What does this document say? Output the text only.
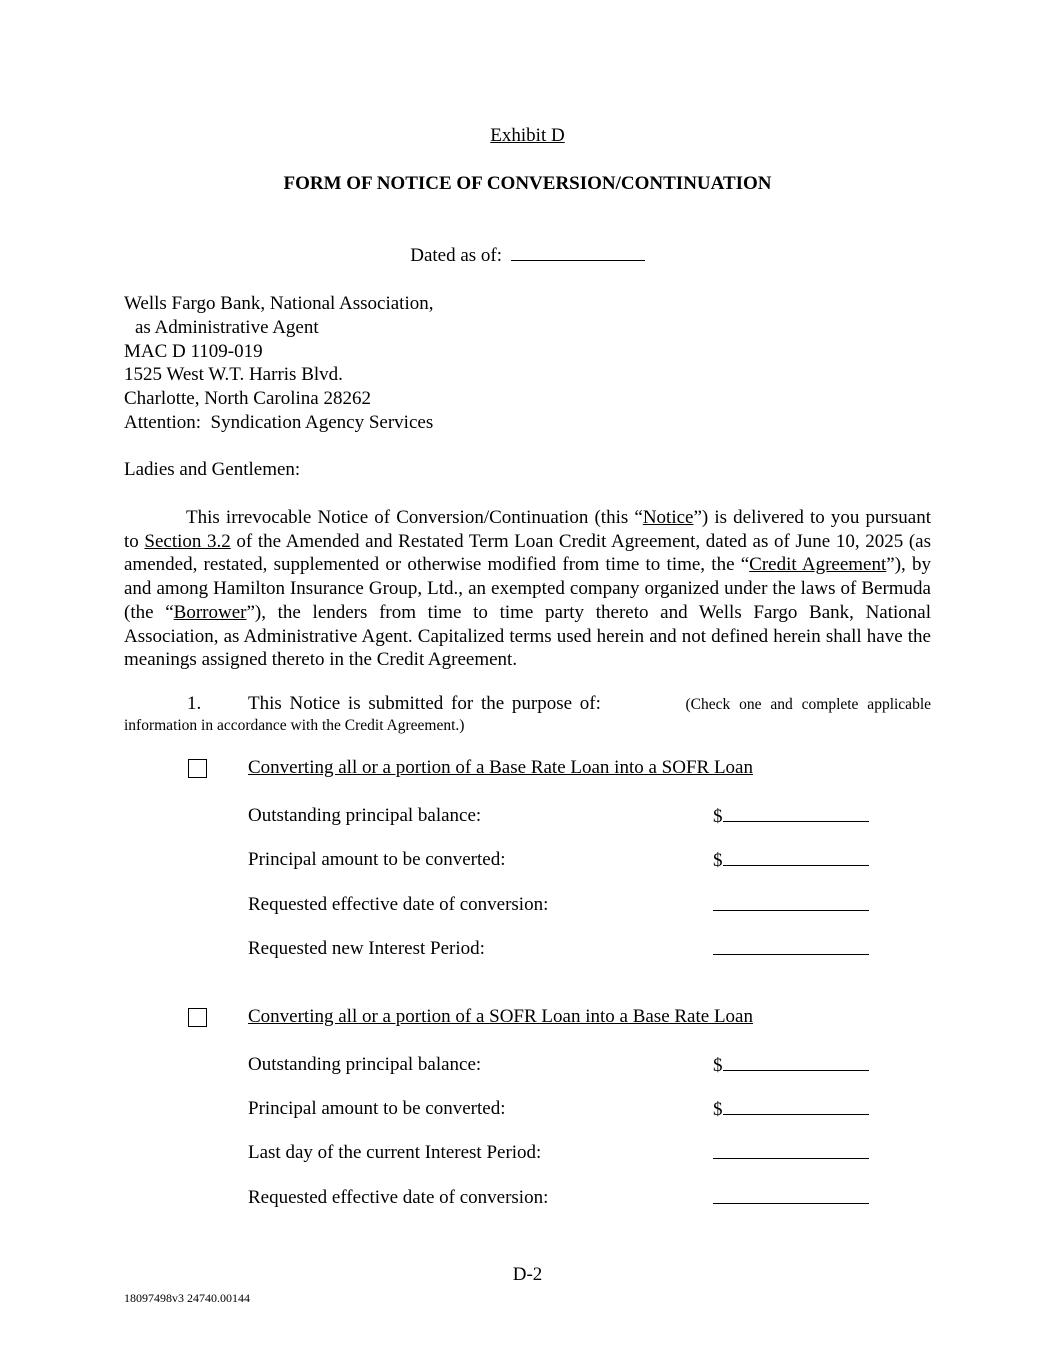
Exhibit D
FORM OF NOTICE OF CONVERSION/CONTINUATION
Dated as of:
Wells Fargo Bank, National Association,
as Administrative Agent
MAC D 1109-019
1525 West W.T. Harris Blvd.
Charlotte, North Carolina 28262
Attention:  Syndication Agency Services
Ladies and Gentlemen:
This irrevocable Notice of Conversion/Continuation (this “Notice”) is delivered to you pursuant to Section 3.2 of the Amended and Restated Term Loan Credit Agreement, dated as of June 10, 2025 (as amended, restated, supplemented or otherwise modified from time to time, the “Credit Agreement”), by and among Hamilton Insurance Group, Ltd., an exempted company organized under the laws of Bermuda (the “Borrower”), the lenders from time to time party thereto and Wells Fargo Bank, National Association, as Administrative Agent. Capitalized terms used herein and not defined herein shall have the meanings assigned thereto in the Credit Agreement.
1.	This Notice is submitted for the purpose of:	(Check one and complete applicable
information in accordance with the Credit Agreement.)
Converting all or a portion of a Base Rate Loan into a SOFR Loan
Outstanding principal balance:	$
Principal amount to be converted:	$
Requested effective date of conversion:
Requested new Interest Period:
Converting all or a portion of a SOFR Loan into a Base Rate Loan
Outstanding principal balance:	$
Principal amount to be converted:	$
Last day of the current Interest Period:
Requested effective date of conversion:
D-2
18097498v3 24740.00144
